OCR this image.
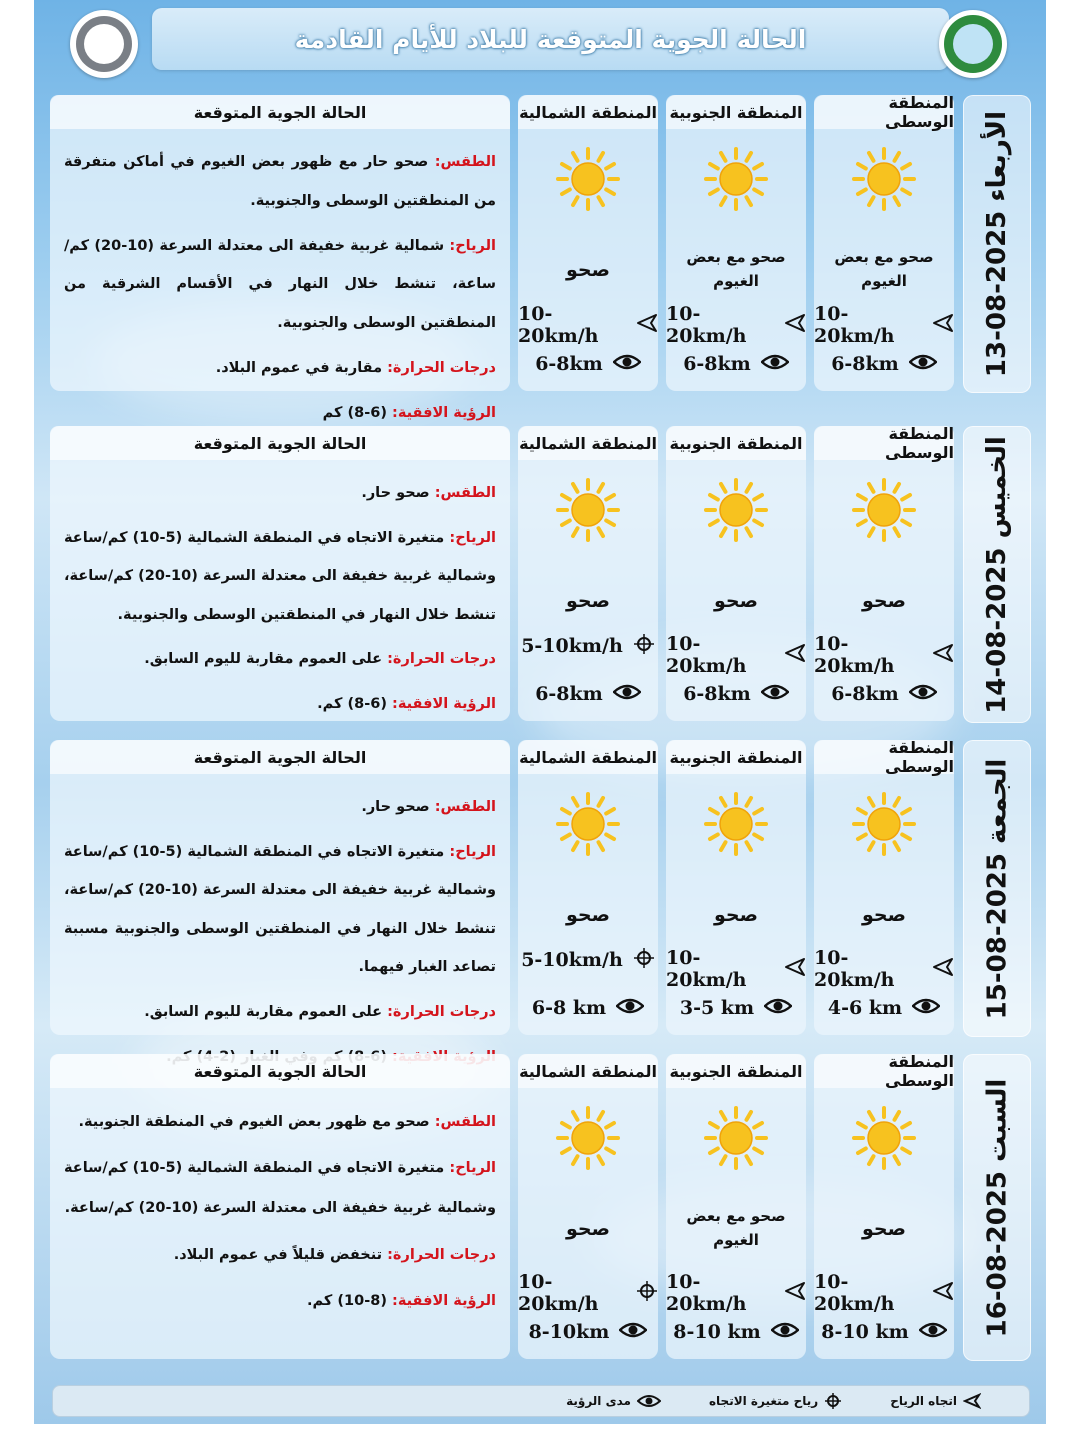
الحالة الجوية المتوقعة للبلاد للأيام القادمة
الأربعاء 2025-08-13
المنطقة الوسطى
صحو مع بعض الغيوم
10-20km/h
6-8km
المنطقة الجنوبية
صحو مع بعض الغيوم
10-20km/h
6-8km
المنطقة الشمالية
صحو
10-20km/h
6-8km
الحالة الجوية المتوقعة

الطقس: صحو حار مع ظهور بعض الغيوم في أماكن متفرقة من المنطقتين الوسطى والجنوبية.

الرياح: شمالية غربية خفيفة الى معتدلة السرعة (10-20) كم/ساعة، تنشط خلال النهار في الأقسام الشرقية من المنطقتين الوسطى والجنوبية.

درجات الحرارة: مقاربة في عموم البلاد.

الرؤية الافقية: (6-8) كم

الخميس 2025-08-14
المنطقة الوسطى
صحو
10-20km/h
6-8km
المنطقة الجنوبية
صحو
10-20km/h
6-8km
المنطقة الشمالية
صحو
5-10km/h
6-8km
الحالة الجوية المتوقعة

الطقس: صحو حار.

الرياح: متغيرة الاتجاه في المنطقة الشمالية (5-10) كم/ساعة وشمالية غربية خفيفة الى معتدلة السرعة (10-20) كم/ساعة، تنشط خلال النهار في المنطقتين الوسطى والجنوبية.

درجات الحرارة: على العموم مقاربة لليوم السابق.

الرؤية الافقية: (6-8) كم.

الجمعة 2025-08-15
المنطقة الوسطى
صحو
10-20km/h
4-6 km
المنطقة الجنوبية
صحو
10-20km/h
3-5 km
المنطقة الشمالية
صحو
5-10km/h
6-8 km
الحالة الجوية المتوقعة

الطقس: صحو حار.

الرياح: متغيرة الاتجاه في المنطقة الشمالية (5-10) كم/ساعة وشمالية غربية خفيفة الى معتدلة السرعة (10-20) كم/ساعة، تنشط خلال النهار في المنطقتين الوسطى والجنوبية مسببة تصاعد الغبار فيهما.

درجات الحرارة: على العموم مقاربة لليوم السابق.

السبت 2025-08-16
المنطقة الوسطى
صحو
10-20km/h
8-10 km
المنطقة الجنوبية
صحو مع بعض الغيوم
10-20km/h
8-10 km
المنطقة الشمالية
صحو
10-20km/h
8-10km
الحالة الجوية المتوقعة

الطقس: صحو مع ظهور بعض الغيوم في المنطقة الجنوبية.

الرياح: متغيرة الاتجاه في المنطقة الشمالية (5-10) كم/ساعة وشمالية غربية خفيفة الى معتدلة السرعة (10-20) كم/ساعة.

درجات الحرارة: تنخفض قليلاً في عموم البلاد.

الرؤية الافقية: (8-10) كم.

اتجاه الرياح
رياح متغيرة الاتجاه
مدى الرؤية
